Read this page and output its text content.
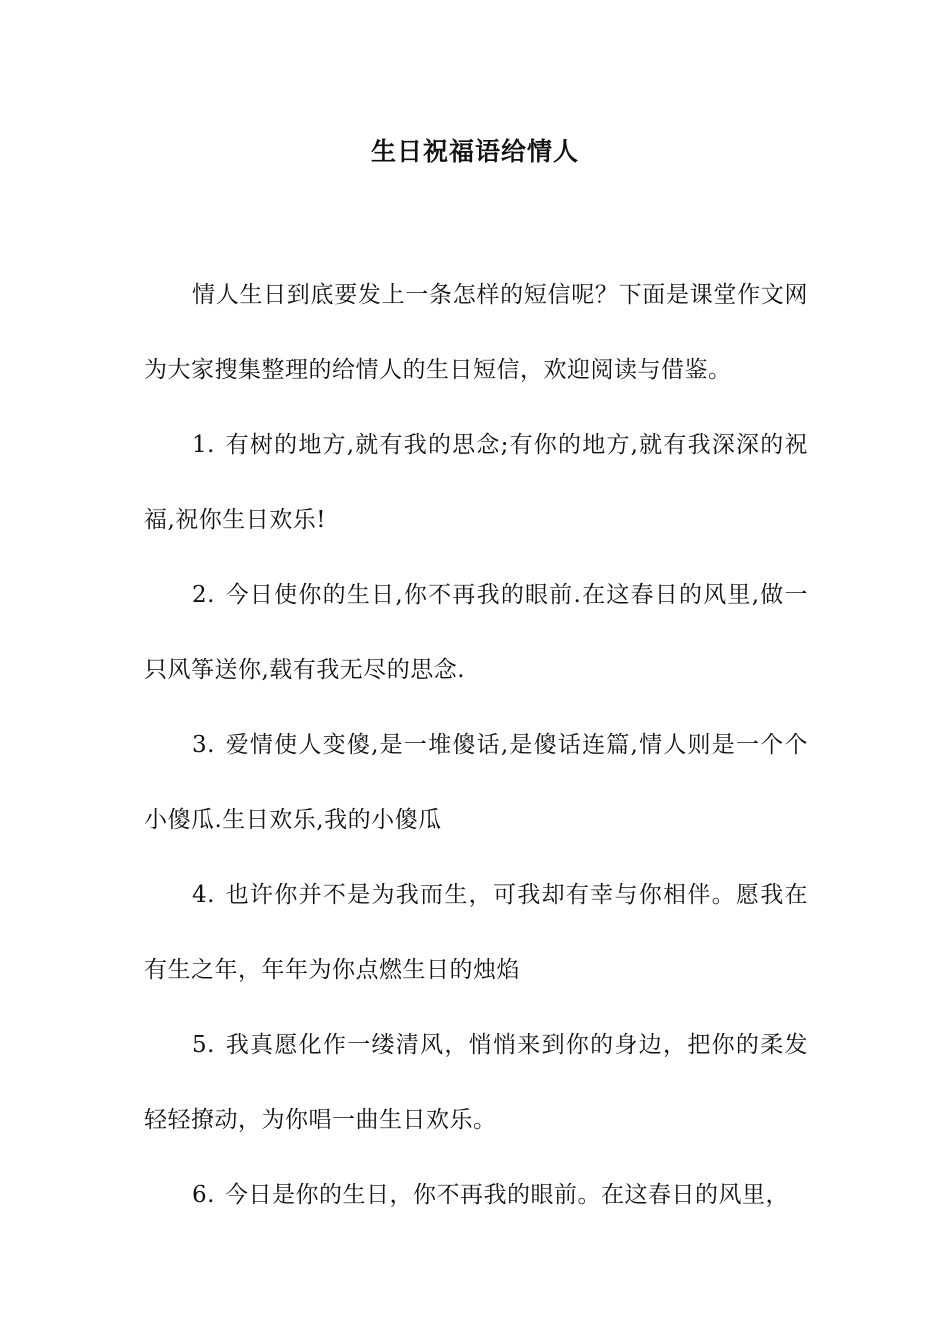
生日祝福语给情人

情人生日到底要发上一条怎样的短信呢？下面是课堂作文网为大家搜集整理的给情人的生日短信，欢迎阅读与借鉴。

1. 有树的地方,就有我的思念;有你的地方,就有我深深的祝福,祝你生日欢乐!

2. 今日使你的生日,你不再我的眼前.在这春日的风里,做一只风筝送你,载有我无尽的思念.

3. 爱情使人变傻,是一堆傻话,是傻话连篇,情人则是一个个小傻瓜.生日欢乐,我的小傻瓜

4. 也许你并不是为我而生，可我却有幸与你相伴。愿我在有生之年，年年为你点燃生日的烛焰

5. 我真愿化作一缕清风，悄悄来到你的身边，把你的柔发轻轻撩动，为你唱一曲生日欢乐。

6. 今日是你的生日，你不再我的眼前。在这春日的风里，
